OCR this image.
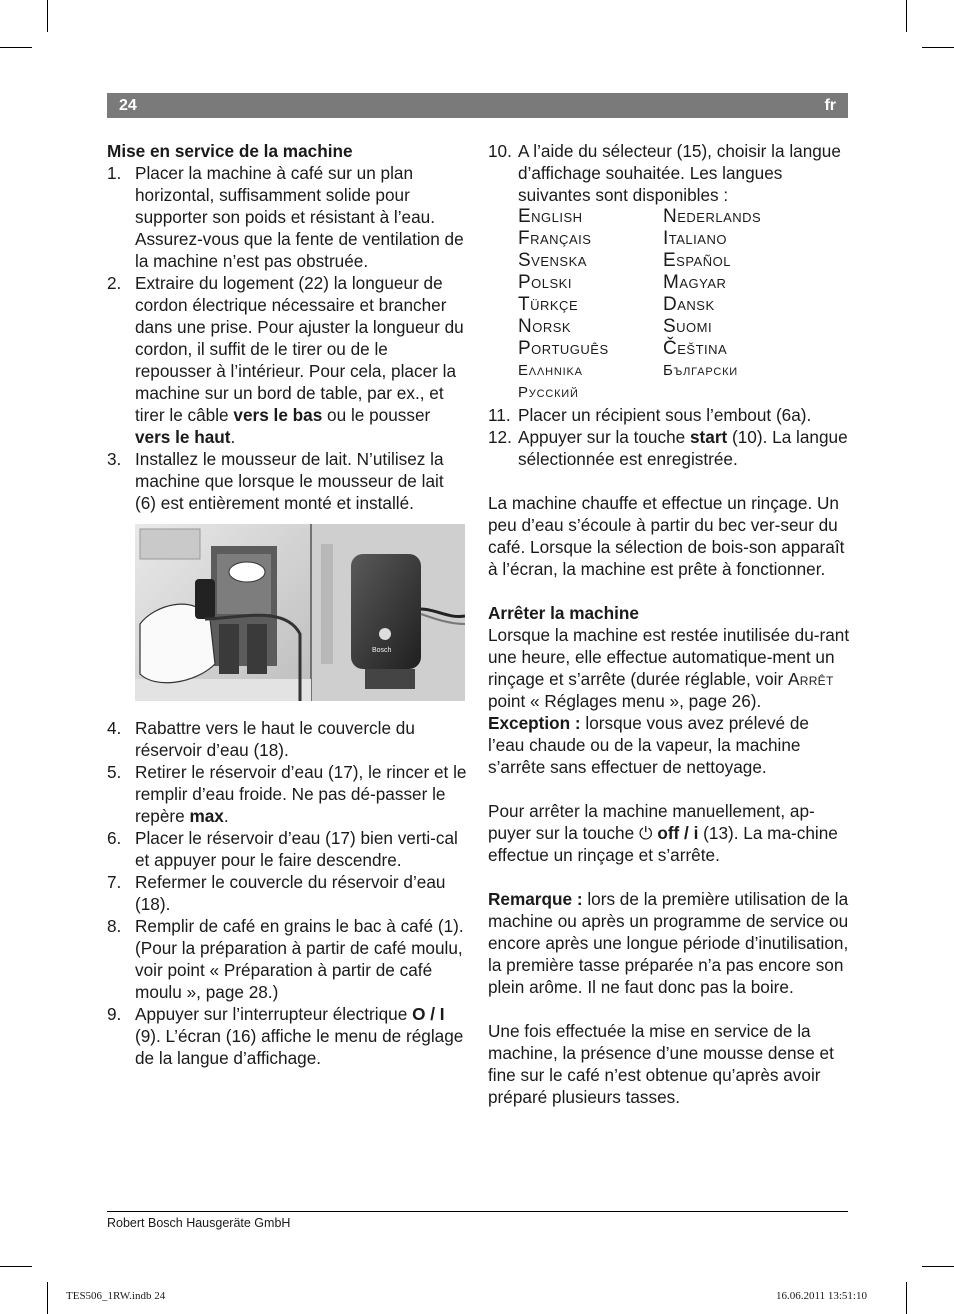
24	fr

Mise en service de la machine

1. Placer la machine à café sur un plan horizontal, suffisamment solide pour supporter son poids et résistant à l’eau. Assurez-vous que la fente de ventilation de la machine n’est pas obstruée.
2. Extraire du logement (22) la longueur de cordon électrique nécessaire et brancher dans une prise. Pour ajuster la longueur du cordon, il suffit de le tirer ou de le repousser à l’intérieur. Pour cela, placer la machine sur un bord de table, par ex., et tirer le câble vers le bas ou le pousser vers le haut.
3. Installez le mousseur de lait. N’utilisez la machine que lorsque le mousseur de lait (6) est entièrement monté et installé.
Bosch
4. Rabattre vers le haut le couvercle du réservoir d’eau (18).
5. Retirer le réservoir d’eau (17), le rincer et le remplir d’eau froide. Ne pas dé-passer le repère max.
6. Placer le réservoir d’eau (17) bien verti-cal et appuyer pour le faire descendre.
7. Refermer le couvercle du réservoir d’eau (18).
8. Remplir de café en grains le bac à café (1). (Pour la préparation à partir de café moulu, voir point « Préparation à partir de café moulu », page 28.)
9. Appuyer sur l’interrupteur électrique O / I (9). L’écran (16) affiche le menu de réglage de la langue d’affichage.
10. A l’aide du sélecteur (15), choisir la langue d’affichage souhaitée. Les langues suivantes sont disponibles :
English	Nederlands
Français	Italiano
Svenska	Español
Polski	Magyar
Türkçe	Dansk
Norsk	Suomi
Português	Čeština
Ελληνικα	Български
Русский
11. Placer un récipient sous l’embout (6a).
12. Appuyer sur la touche start (10). La langue sélectionnée est enregistrée.

La machine chauffe et effectue un rinçage. Un peu d’eau s’écoule à partir du bec ver-seur du café. Lorsque la sélection de bois-son apparaît à l’écran, la machine est prête à fonctionner.

Arrêter la machine

Lorsque la machine est restée inutilisée du-rant une heure, elle effectue automatique-ment un rinçage et s’arrête (durée réglable, voir Arrêt point « Réglages menu », page 26).

Exception : lorsque vous avez prélevé de l’eau chaude ou de la vapeur, la machine s’arrête sans effectuer de nettoyage.

Pour arrêter la machine manuellement, ap-puyer sur la touche ⏻ off / i (13). La ma-chine effectue un rinçage et s’arrête.

Remarque : lors de la première utilisation de la machine ou après un programme de service ou encore après une longue période d’inutilisation, la première tasse préparée n’a pas encore son plein arôme. Il ne faut donc pas la boire.

Une fois effectuée la mise en service de la machine, la présence d’une mousse dense et fine sur le café n’est obtenue qu’après avoir préparé plusieurs tasses.

Robert Bosch Hausgeräte GmbH
TES506_1RW.indb 24	16.06.2011 13:51:10
